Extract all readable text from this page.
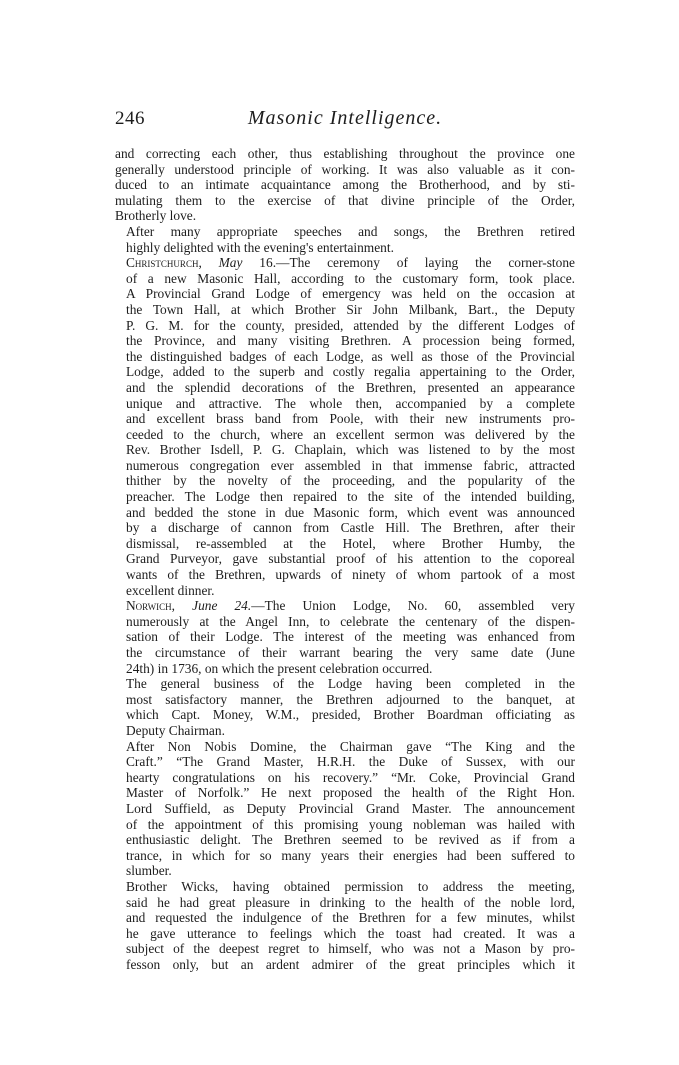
246	Masonic Intelligence.

and correcting each other, thus establishing throughout the province one
generally understood principle of working. It was also valuable as it con-
duced to an intimate acquaintance among the Brotherhood, and by sti-
mulating them to the exercise of that divine principle of the Order,
Brotherly love.

After many appropriate speeches and songs, the Brethren retired
highly delighted with the evening's entertainment.

Christchurch, May 16.—The ceremony of laying the corner-stone
of a new Masonic Hall, according to the customary form, took place.
A Provincial Grand Lodge of emergency was held on the occasion at
the Town Hall, at which Brother Sir John Milbank, Bart., the Deputy
P. G. M. for the county, presided, attended by the different Lodges of
the Province, and many visiting Brethren. A procession being formed,
the distinguished badges of each Lodge, as well as those of the Provincial
Lodge, added to the superb and costly regalia appertaining to the Order,
and the splendid decorations of the Brethren, presented an appearance
unique and attractive. The whole then, accompanied by a complete
and excellent brass band from Poole, with their new instruments pro-
ceeded to the church, where an excellent sermon was delivered by the
Rev. Brother Isdell, P. G. Chaplain, which was listened to by the most
numerous congregation ever assembled in that immense fabric, attracted
thither by the novelty of the proceeding, and the popularity of the
preacher. The Lodge then repaired to the site of the intended building,
and bedded the stone in due Masonic form, which event was announced
by a discharge of cannon from Castle Hill. The Brethren, after their
dismissal, re-assembled at the Hotel, where Brother Humby, the
Grand Purveyor, gave substantial proof of his attention to the coporeal
wants of the Brethren, upwards of ninety of whom partook of a most
excellent dinner.

Norwich, June 24.—The Union Lodge, No. 60, assembled very
numerously at the Angel Inn, to celebrate the centenary of the dispen-
sation of their Lodge. The interest of the meeting was enhanced from
the circumstance of their warrant bearing the very same date (June
24th) in 1736, on which the present celebration occurred.

The general business of the Lodge having been completed in the
most satisfactory manner, the Brethren adjourned to the banquet, at
which Capt. Money, W.M., presided, Brother Boardman officiating as
Deputy Chairman.

After Non Nobis Domine, the Chairman gave “The King and the
Craft.” “The Grand Master, H.R.H. the Duke of Sussex, with our
hearty congratulations on his recovery.” “Mr. Coke, Provincial Grand
Master of Norfolk.” He next proposed the health of the Right Hon.
Lord Suffield, as Deputy Provincial Grand Master. The announcement
of the appointment of this promising young nobleman was hailed with
enthusiastic delight. The Brethren seemed to be revived as if from a
trance, in which for so many years their energies had been suffered to
slumber.

Brother Wicks, having obtained permission to address the meeting,
said he had great pleasure in drinking to the health of the noble lord,
and requested the indulgence of the Brethren for a few minutes, whilst
he gave utterance to feelings which the toast had created. It was a
subject of the deepest regret to himself, who was not a Mason by pro-
fesson only, but an ardent admirer of the great principles which it
